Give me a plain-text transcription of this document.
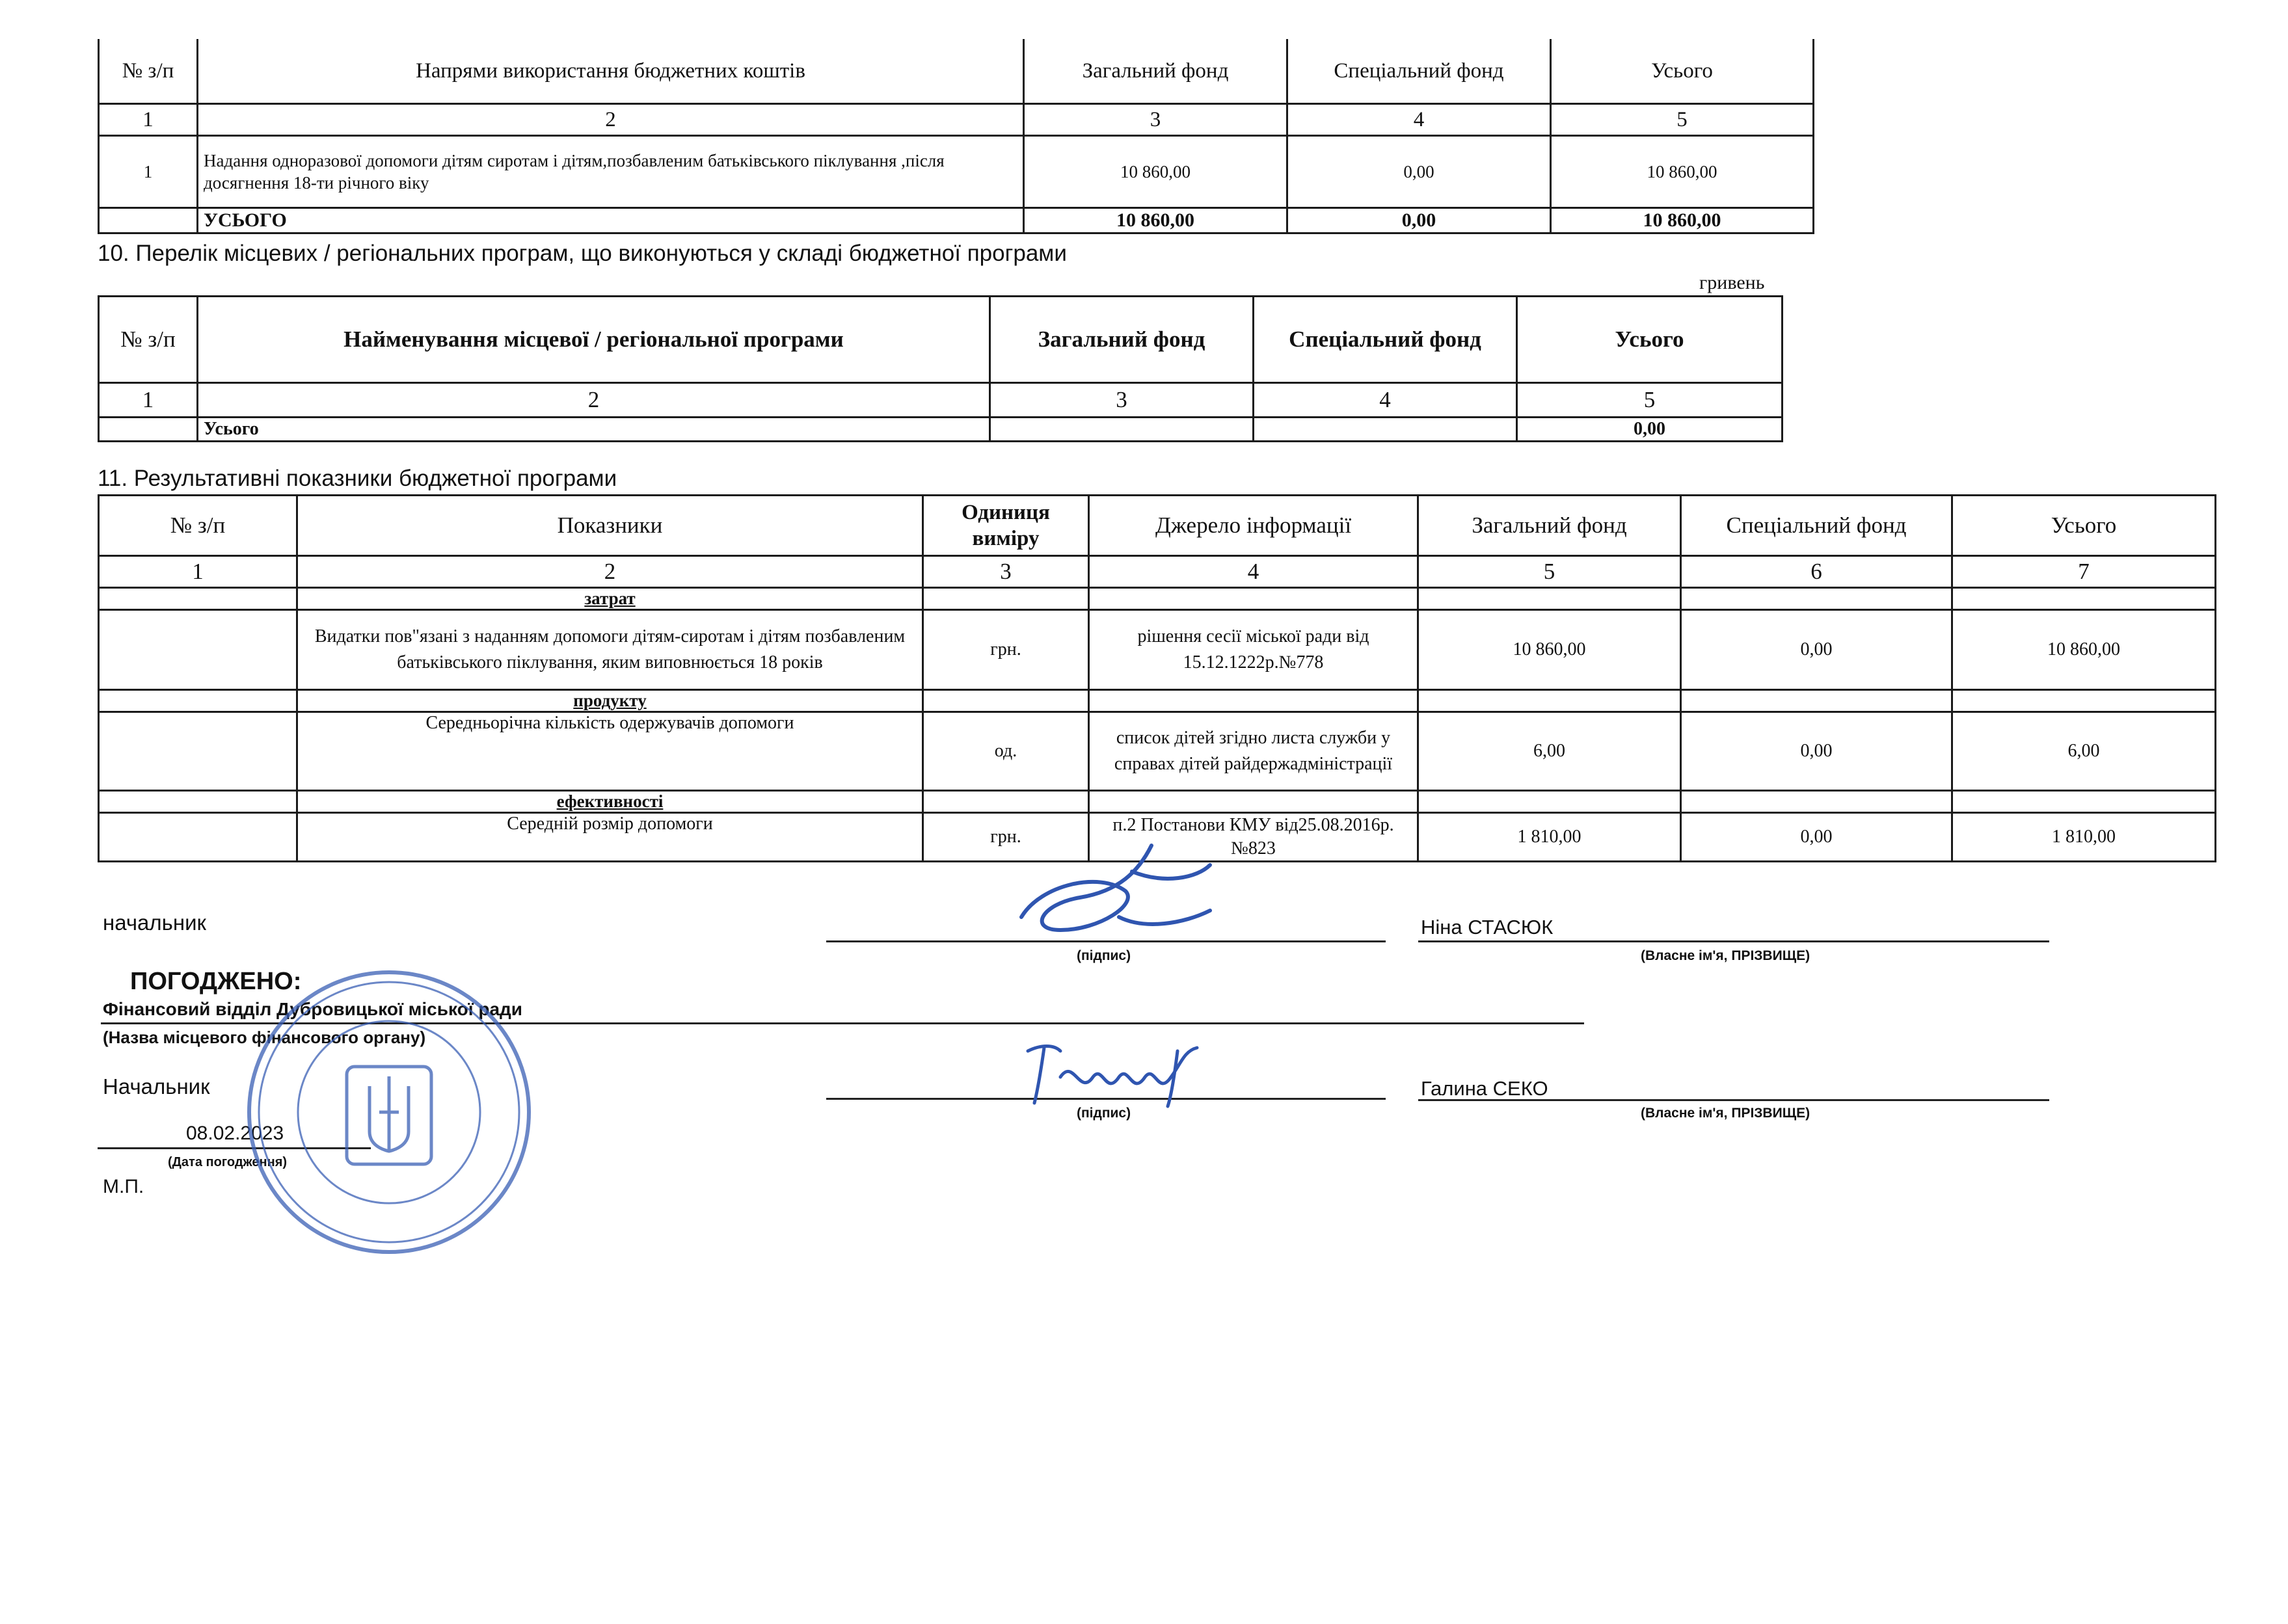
№ з/п	Напрями використання бюджетних коштів	Загальний фонд	Спеціальний фонд	Усього
1	2	3	4	5
1	Надання одноразової допомоги дітям сиротам і дітям,позбавленим батьківського піклування ,після досягнення 18-ти річного віку	10 860,00	0,00	10 860,00
	УСЬОГО	10 860,00	0,00	10 860,00
10. Перелік місцевих / регіональних програм, що виконуються у складі бюджетної програми
гривень
№ з/п	Найменування місцевої / регіональної програми	Загальний фонд	Спеціальний фонд	Усього
1	2	3	4	5
	Усього			0,00
11. Результативні показники бюджетної програми
№ з/п	Показники	Одиниця виміру	Джерело інформації	Загальний фонд	Спеціальний фонд	Усього
1	2	3	4	5	6	7
	затрат					
	Видатки пов"язані з наданням допомоги дітям-сиротам і дітям позбавленим батьківського піклування, яким виповнюється 18 років	грн.	рішення сесії міської ради від 15.12.1222р.№778	10 860,00	0,00	10 860,00
	продукту					
	Середньорічна кількість одержувачів допомоги	од.	список дітей згідно листа служби у справах дітей райдержадміністрації	6,00	0,00	6,00
	ефективності					
	Середній розмір допомоги	грн.	п.2 Постанови КМУ від25.08.2016р. №823	1 810,00	0,00	1 810,00
начальник
(підпис)
Ніна СТАСЮК
(Власне ім'я, ПРІЗВИЩЕ)
ПОГОДЖЕНО:
Фінансовий відділ Дубровицької міської ради
(Назва місцевого фінансового органу)
Начальник
(підпис)
Галина СЕКО
(Власне ім'я, ПРІЗВИЩЕ)
08.02.2023
(Дата погодження)
М.П.
